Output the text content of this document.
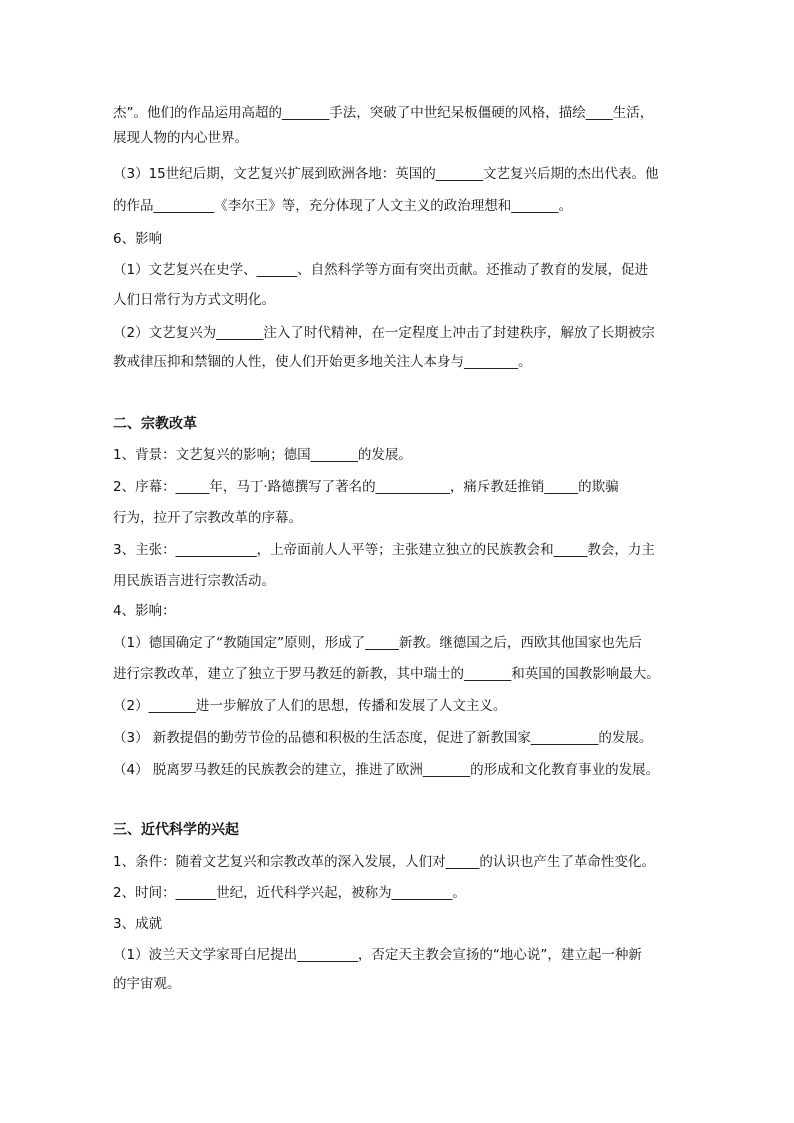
杰”。他们的作品运用高超的_______手法，突破了中世纪呆板僵硬的风格，描绘____生活，
展现人物的内心世界。
（3）15世纪后期，文艺复兴扩展到欧洲各地：英国的_______文艺复兴后期的杰出代表。他
的作品_________《李尔王》等，充分体现了人文主义的政治理想和_______。
6、影响
（1）文艺复兴在史学、______、自然科学等方面有突出贡献。还推动了教育的发展，促进
人们日常行为方式文明化。
（2）文艺复兴为_______注入了时代精神，在一定程度上冲击了封建秩序，解放了长期被宗
教戒律压抑和禁锢的人性，使人们开始更多地关注人本身与________。
二、宗教改革
1、背景：文艺复兴的影响；德国_______的发展。
2、序幕：_____年，马丁·路德撰写了著名的___________，痛斥教廷推销_____的欺骗
行为，拉开了宗教改革的序幕。
3、主张：____________，上帝面前人人平等；主张建立独立的民族教会和_____教会，力主
用民族语言进行宗教活动。
4、影响：
（1）德国确定了“教随国定”原则，形成了_____新教。继德国之后，西欧其他国家也先后
进行宗教改革，建立了独立于罗马教廷的新教，其中瑞士的_______和英国的国教影响最大。
（2）_______进一步解放了人们的思想，传播和发展了人文主义。
（3） 新教提倡的勤劳节俭的品德和积极的生活态度，促进了新教国家__________的发展。
（4） 脱离罗马教廷的民族教会的建立，推进了欧洲_______的形成和文化教育事业的发展。
三、近代科学的兴起
1、条件：随着文艺复兴和宗教改革的深入发展，人们对_____的认识也产生了革命性变化。
2、时间：______世纪，近代科学兴起，被称为_________。
3、成就
（1）波兰天文学家哥白尼提出_________，否定天主教会宣扬的“地心说”，建立起一种新
的宇宙观。
